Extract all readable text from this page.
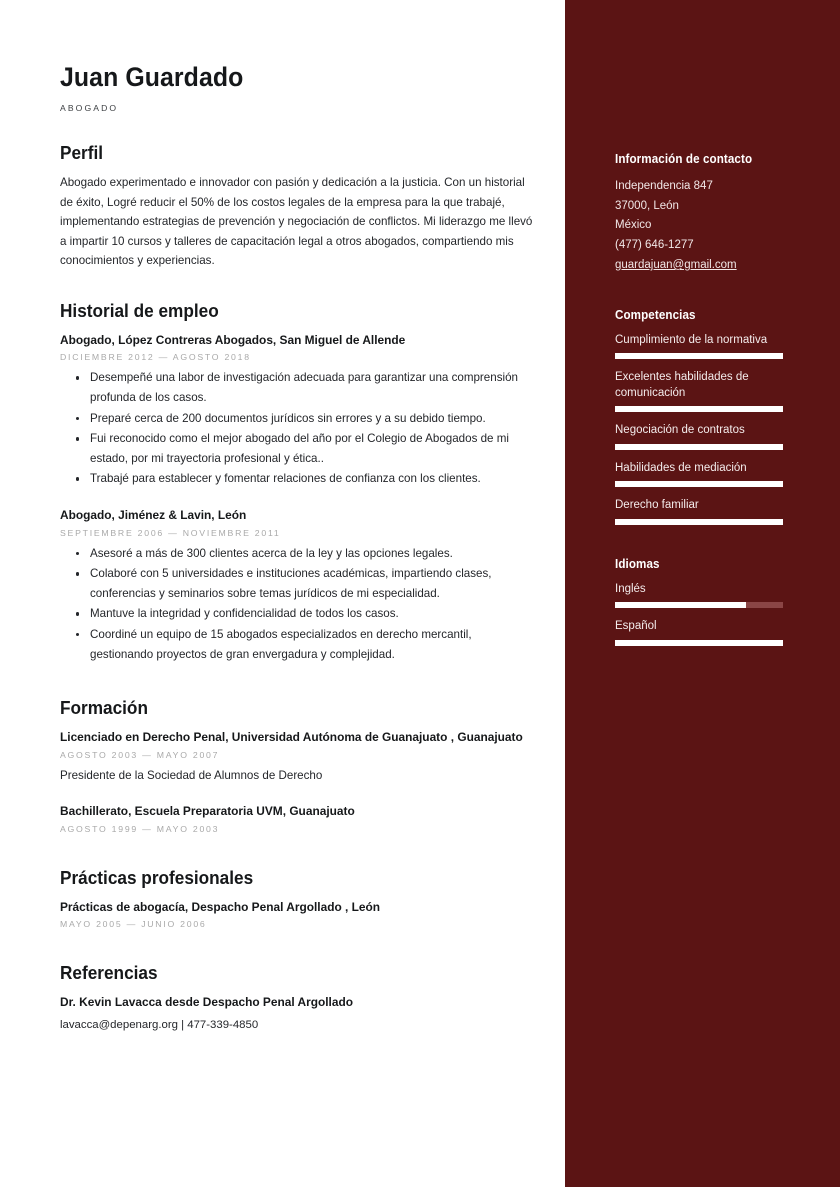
Juan Guardado

ABOGADO

Perfil

Abogado experimentado e innovador con pasión y dedicación a la justicia. Con un historial de éxito, Logré reducir el 50% de los costos legales de la empresa para la que trabajé, implementando estrategias de prevención y negociación de conflictos. Mi liderazgo me llevó a impartir 10 cursos y talleres de capacitación legal a otros abogados, compartiendo mis conocimientos y experiencias.

Historial de empleo

Abogado, López Contreras Abogados, San Miguel de Allende

DICIEMBRE 2012 — AGOSTO 2018

Desempeñé una labor de investigación adecuada para garantizar una comprensión profunda de los casos.
Preparé cerca de 200 documentos jurídicos sin errores y a su debido tiempo.
Fui reconocido como el mejor abogado del año por el Colegio de Abogados de mi estado, por mi trayectoria profesional y ética..
Trabajé para establecer y fomentar relaciones de confianza con los clientes.

Abogado, Jiménez & Lavin, León

SEPTIEMBRE 2006 — NOVIEMBRE 2011

Asesoré a más de 300 clientes acerca de la ley y las opciones legales.
Colaboré con 5 universidades e instituciones académicas, impartiendo clases, conferencias y seminarios sobre temas jurídicos de mi especialidad.
Mantuve la integridad y confidencialidad de todos los casos.
Coordiné un equipo de 15 abogados especializados en derecho mercantil, gestionando proyectos de gran envergadura y complejidad.
Formación

Licenciado en Derecho Penal, Universidad Autónoma de Guanajuato , Guanajuato

AGOSTO 2003 — MAYO 2007

Presidente de la Sociedad de Alumnos de Derecho

Bachillerato, Escuela Preparatoria UVM, Guanajuato

AGOSTO 1999 — MAYO 2003

Prácticas profesionales

Prácticas de abogacía, Despacho Penal Argollado , León

MAYO 2005 — JUNIO 2006

Referencias

Dr. Kevin Lavacca desde Despacho Penal Argollado

lavacca@depenarg.org | 477-339-4850

Información de contacto

Independencia 847

37000, León

México

(477) 646-1277

guardajuan@gmail.com
Competencias

Cumplimiento de la normativa

Excelentes habilidades de comunicación

Negociación de contratos

Habilidades de mediación

Derecho familiar

Idiomas

Inglés

Español
